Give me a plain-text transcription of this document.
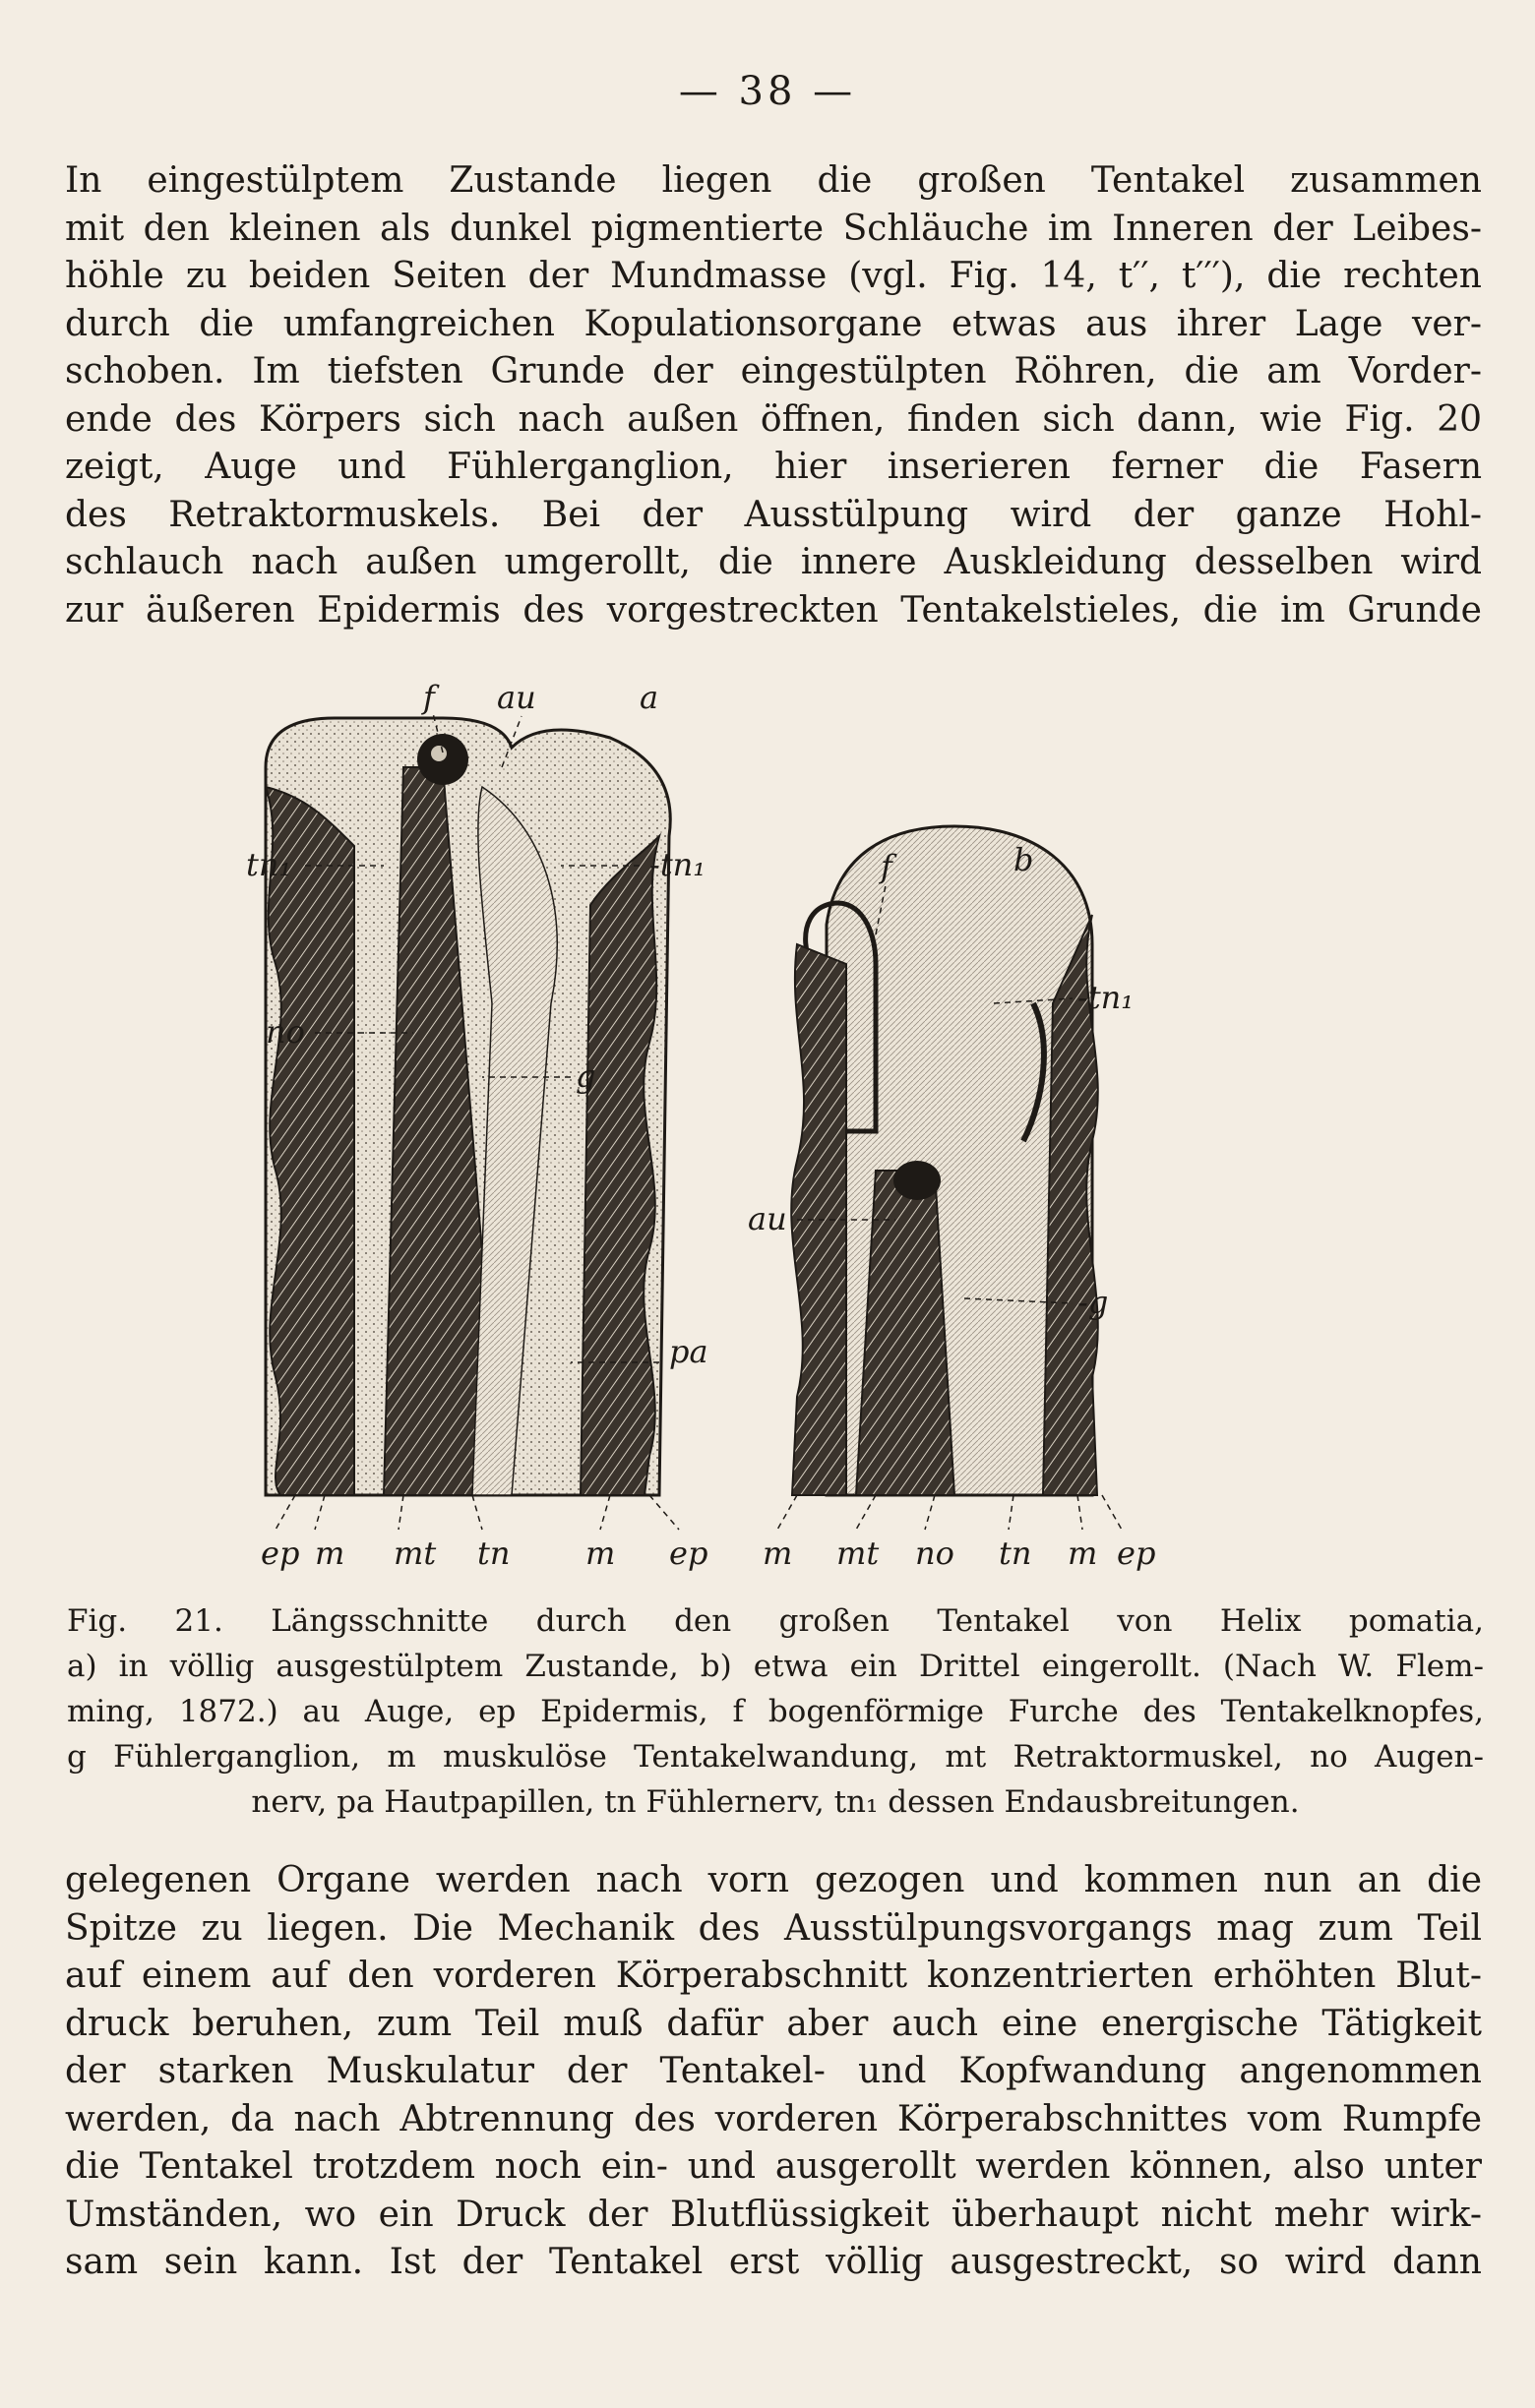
— 38 —
In eingestülptem Zustande liegen die großen Tentakel zusammen
mit den kleinen als dunkel pigmentierte Schläuche im Inneren der Leibes-
höhle zu beiden Seiten der Mundmasse (vgl. Fig. 14, t′′, t′′′), die rechten
durch die umfangreichen Kopulationsorgane etwas aus ihrer Lage ver-
schoben. Im tiefsten Grunde der eingestülpten Röhren, die am Vorder-
ende des Körpers sich nach außen öffnen, finden sich dann, wie Fig. 20
zeigt, Auge und Fühlerganglion, hier inserieren ferner die Fasern
des Retraktormuskels. Bei der Ausstülpung wird der ganze Hohl-
schlauch nach außen umgerollt, die innere Auskleidung desselben wird
zur äußeren Epidermis des vorgestreckten Tentakelstieles, die im Grunde
f au	a
tn₁	-tn₁
no
g
pa
b
f
-tn₁
au
-g
ep m mt tn m ep m mt no tn m ep
Fig. 21. Längsschnitte durch den großen Tentakel von Helix pomatia,
a) in völlig ausgestülptem Zustande, b) etwa ein Drittel eingerollt. (Nach W. Flem-
ming, 1872.) au Auge, ep Epidermis, f bogenförmige Furche des Tentakelknopfes,
g Fühlerganglion, m muskulöse Tentakelwandung, mt Retraktormuskel, no Augen-
nerv, pa Hautpapillen, tn Fühlernerv, tn₁ dessen Endausbreitungen.
gelegenen Organe werden nach vorn gezogen und kommen nun an die
Spitze zu liegen. Die Mechanik des Ausstülpungsvorgangs mag zum Teil
auf einem auf den vorderen Körperabschnitt konzentrierten erhöhten Blut-
druck beruhen, zum Teil muß dafür aber auch eine energische Tätigkeit
der starken Muskulatur der Tentakel- und Kopfwandung angenommen
werden, da nach Abtrennung des vorderen Körperabschnittes vom Rumpfe
die Tentakel trotzdem noch ein- und ausgerollt werden können, also unter
Umständen, wo ein Druck der Blutflüssigkeit überhaupt nicht mehr wirk-
sam sein kann. Ist der Tentakel erst völlig ausgestreckt, so wird dann
